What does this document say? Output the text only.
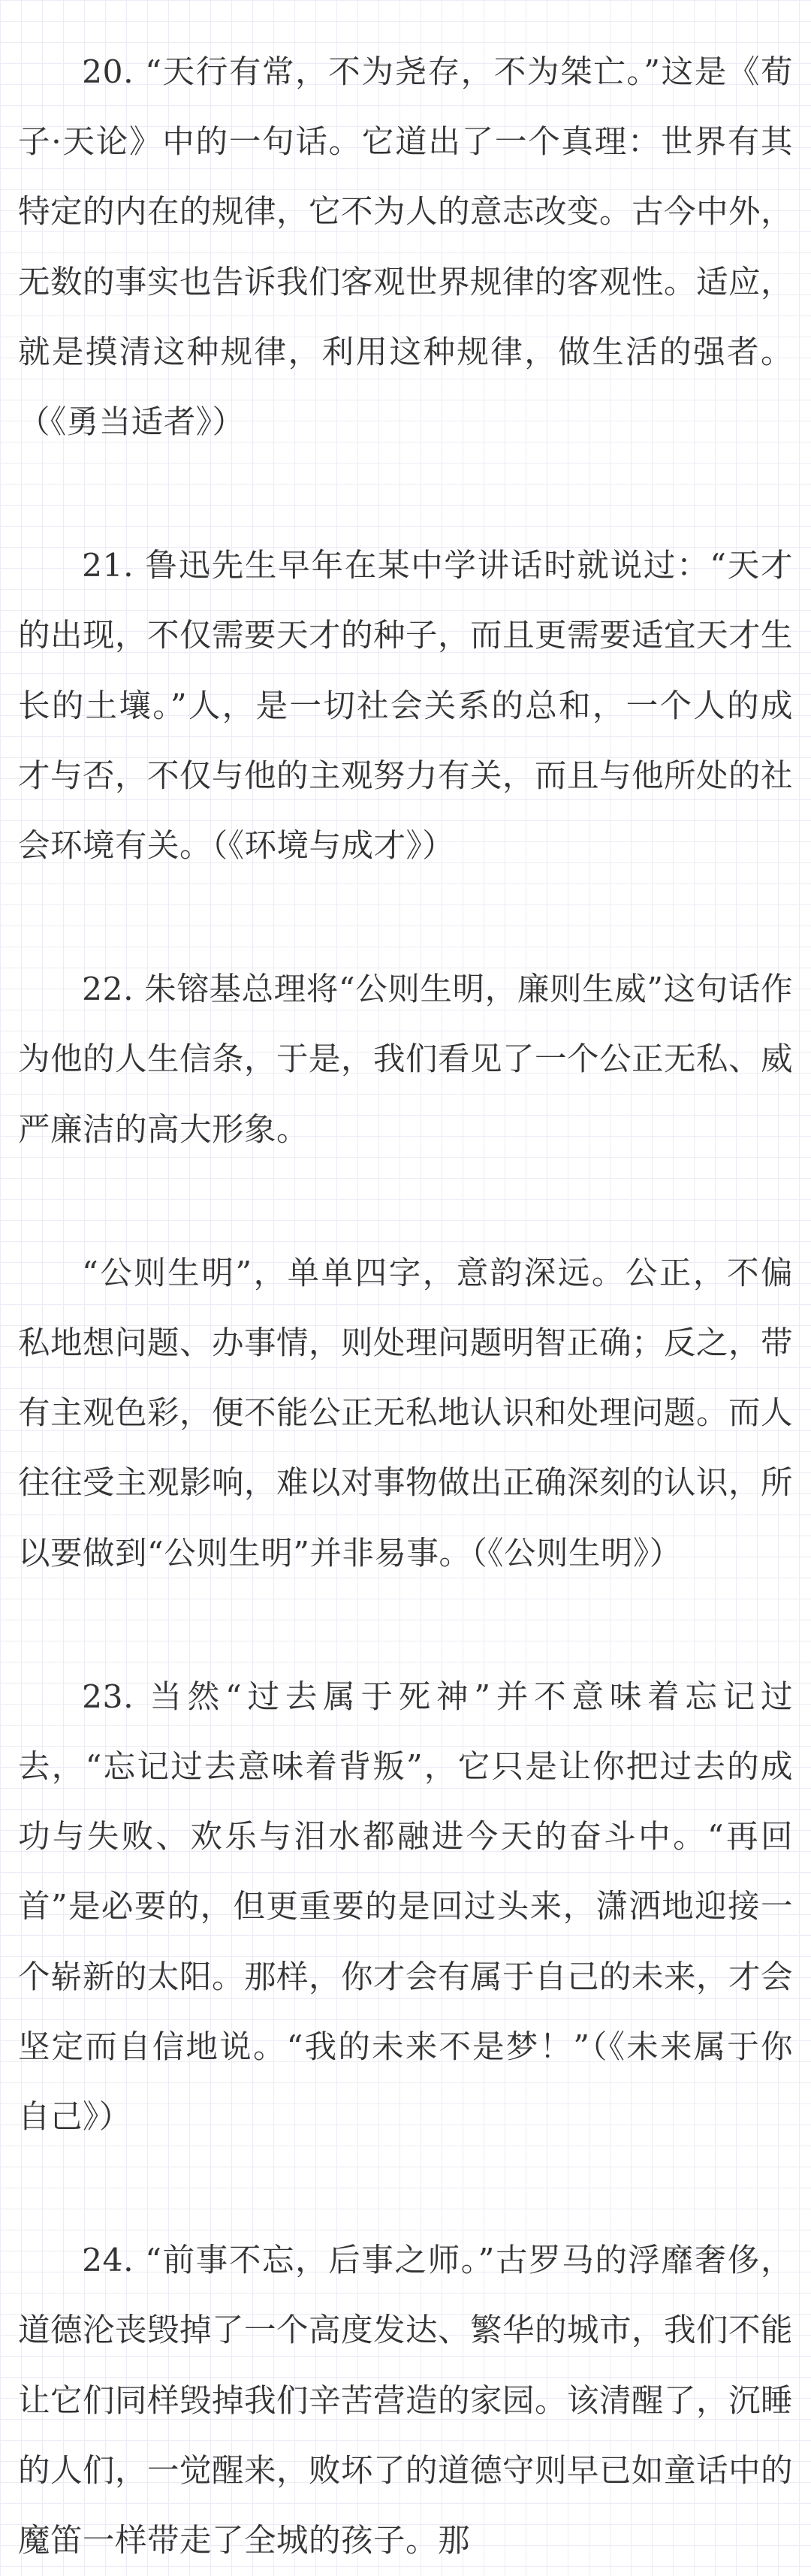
20. “天行有常，不为尧存，不为桀亡。”这是《荀子·天论》中的一句话。它道出了一个真理：世界有其特定的内在的规律，它不为人的意志改变。古今中外，无数的事实也告诉我们客观世界规律的客观性。适应，就是摸清这种规律，利用这种规律，做生活的强者。（《勇当适者》）

21. 鲁迅先生早年在某中学讲话时就说过：“天才的出现，不仅需要天才的种子，而且更需要适宜天才生长的土壤。”人，是一切社会关系的总和，一个人的成才与否，不仅与他的主观努力有关，而且与他所处的社会环境有关。（《环境与成才》）

22. 朱镕基总理将“公则生明，廉则生威”这句话作为他的人生信条，于是，我们看见了一个公正无私、威严廉洁的高大形象。

“公则生明”，单单四字，意韵深远。公正，不偏私地想问题、办事情，则处理问题明智正确；反之，带有主观色彩，便不能公正无私地认识和处理问题。而人往往受主观影响，难以对事物做出正确深刻的认识，所以要做到“公则生明”并非易事。（《公则生明》）

23. 当然“过去属于死神”并不意味着忘记过去，“忘记过去意味着背叛”，它只是让你把过去的成功与失败、欢乐与泪水都融进今天的奋斗中。“再回首”是必要的，但更重要的是回过头来，潇洒地迎接一个崭新的太阳。那样，你才会有属于自己的未来，才会坚定而自信地说。“我的未来不是梦！”（《未来属于你自己》）

24. “前事不忘，后事之师。”古罗马的浮靡奢侈，道德沦丧毁掉了一个高度发达、繁华的城市，我们不能让它们同样毁掉我们辛苦营造的家园。该清醒了，沉睡的人们，一觉醒来，败坏了的道德守则早已如童话中的魔笛一样带走了全城的孩子。那
